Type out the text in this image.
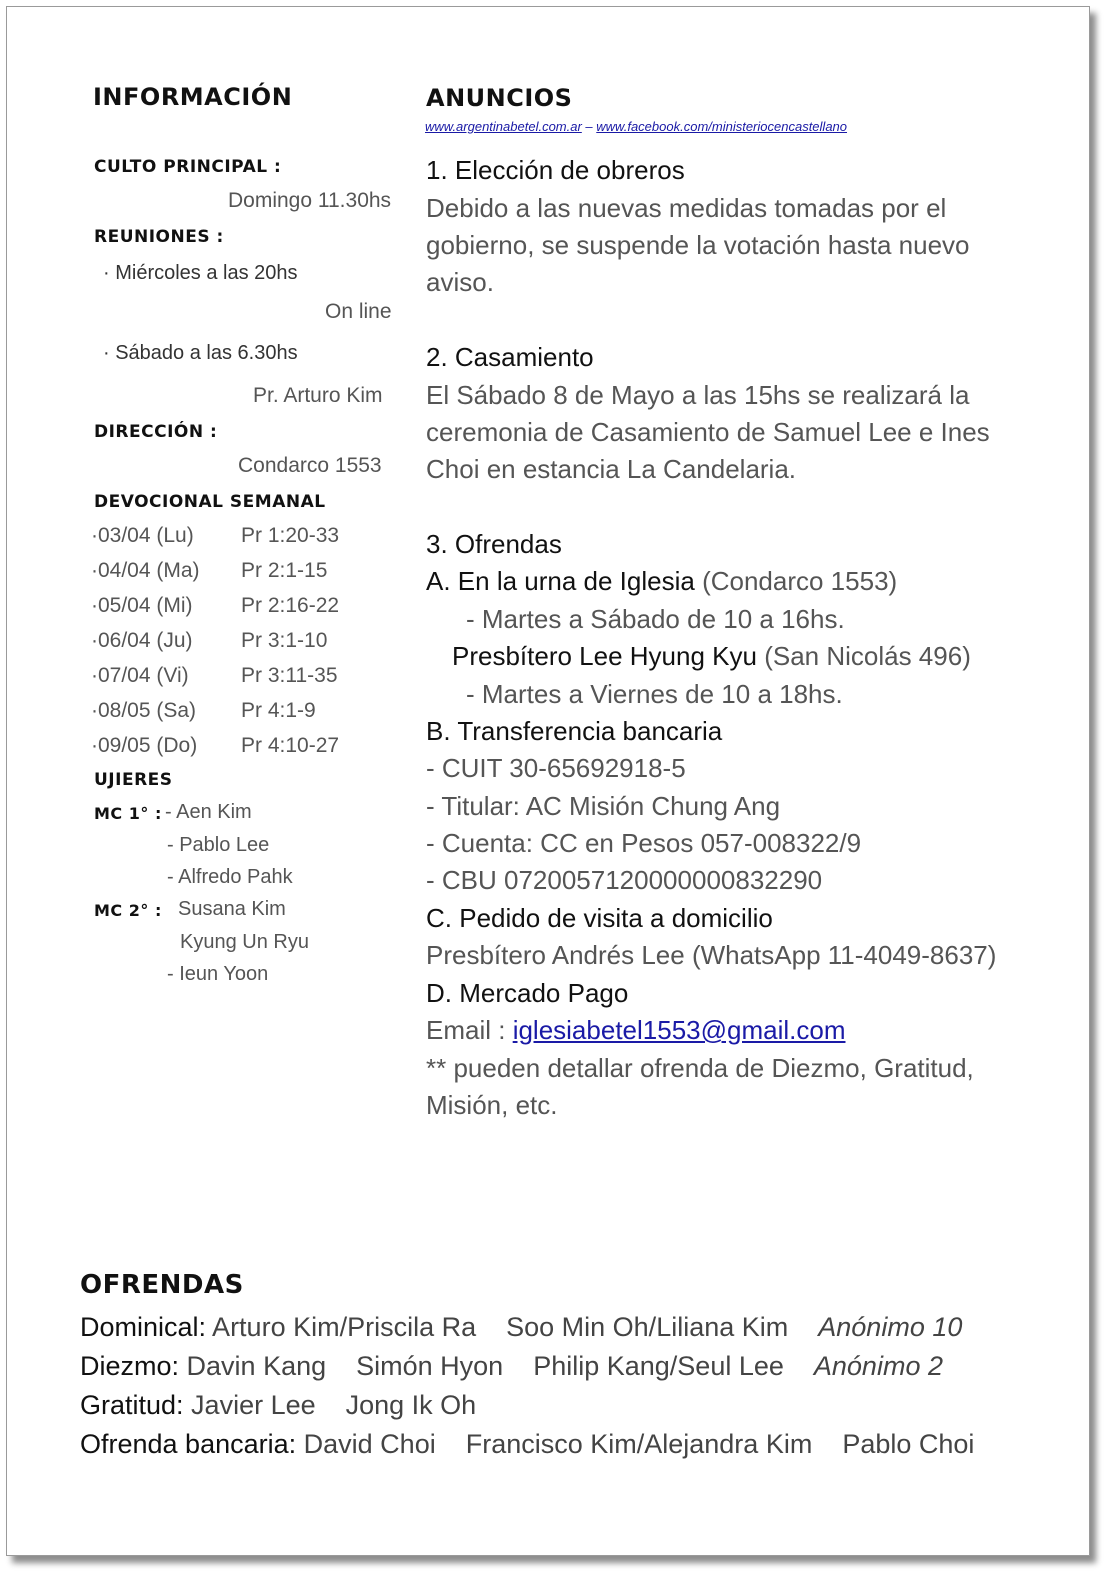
INFORMACIÓN
CULTO PRINCIPAL :
Domingo 11.30hs
REUNIONES :
· Miércoles a las 20hs
On line
· Sábado a las 6.30hs
Pr. Arturo Kim
DIRECCIÓN :
Condarco 1553
DEVOCIONAL SEMANAL
·03/04 (Lu) Pr 1:20-33
·04/04 (Ma) Pr 2:1-15
·05/04 (Mi) Pr 2:16-22
·06/04 (Ju) Pr 3:1-10
·07/04 (Vi) Pr 3:11-35
·08/05 (Sa) Pr 4:1-9
·09/05 (Do) Pr 4:10-27
UJIERES
MC 1° : - Aen Kim
- Pablo Lee
- Alfredo Pahk
MC 2° : Susana Kim
Kyung Un Ryu
- Ieun Yoon
ANUNCIOS
www.argentinabetel.com.ar – www.facebook.com/ministeriocencastellano
1. Elección de obreros
Debido a las nuevas medidas tomadas por el
gobierno, se suspende la votación hasta nuevo
aviso.
2. Casamiento
El Sábado 8 de Mayo a las 15hs se realizará la
ceremonia de Casamiento de Samuel Lee e Ines
Choi en estancia La Candelaria.
3. Ofrendas
A. En la urna de Iglesia (Condarco 1553)
- Martes a Sábado de 10 a 16hs.
Presbítero Lee Hyung Kyu (San Nicolás 496)
- Martes a Viernes de 10 a 18hs.
B. Transferencia bancaria
- CUIT 30-65692918-5
- Titular: AC Misión Chung Ang
- Cuenta: CC en Pesos 057-008322/9
- CBU 0720057120000000832290
C. Pedido de visita a domicilio
Presbítero Andrés Lee (WhatsApp 11-4049-8637)
D. Mercado Pago
Email : iglesiabetel1553@gmail.com
** pueden detallar ofrenda de Diezmo, Gratitud,
Misión, etc.
OFRENDAS
Dominical: Arturo Kim/Priscila Ra    Soo Min Oh/Liliana Kim    Anónimo 10
Diezmo: Davin Kang    Simón Hyon    Philip Kang/Seul Lee    Anónimo 2
Gratitud: Javier Lee    Jong Ik Oh
Ofrenda bancaria: David Choi    Francisco Kim/Alejandra Kim    Pablo Choi
